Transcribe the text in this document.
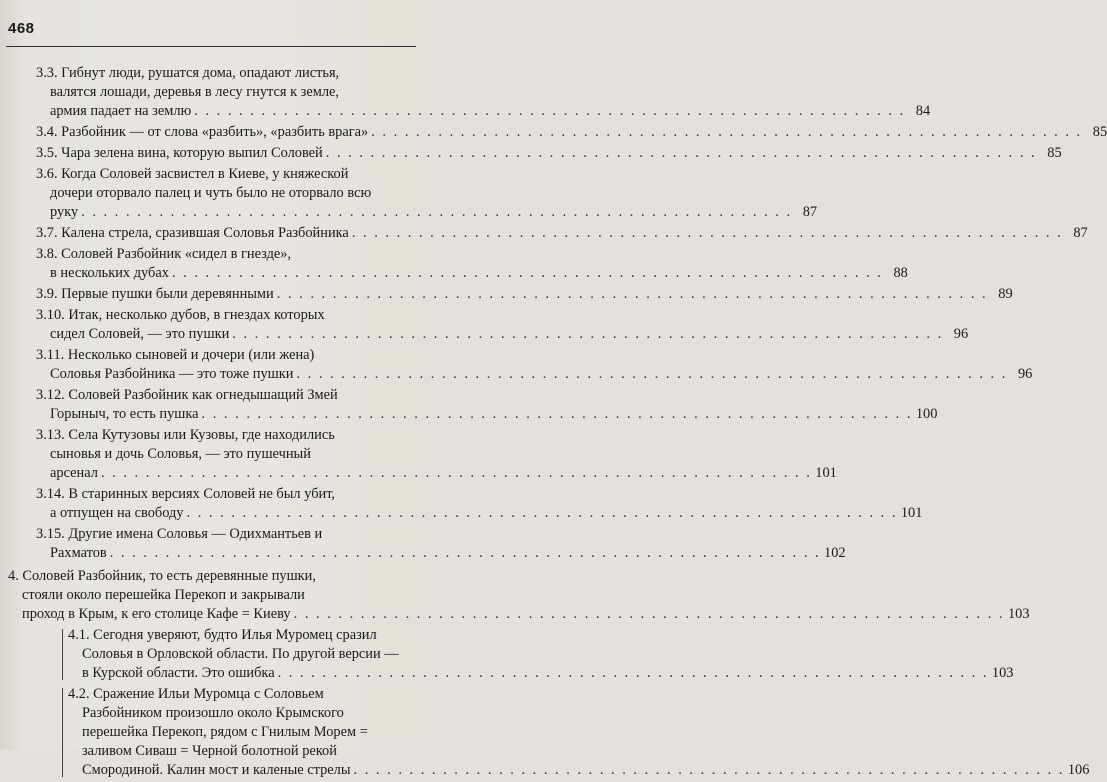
468
3.3. Гибнут люди, рушатся дома, опадают листья,
валятся лошади, деревья в лесу гнутся к земле,
армия падает на землю . . . . . . . . . . . . . . . . . . . . . . . . . . . . . . . . . . . . . . . . . . . . . . . . . . . . . . . . . . . . . . . . 84
3.4. Разбойник — от слова «разбить», «разбить врага» . . . . . . . . . . . . . . . . . . . . . . . . . . . . . . . . . . . . . . . . . . . . . . . . . . . . . . . . . . . . . . . . 85
3.5. Чара зелена вина, которую выпил Соловей . . . . . . . . . . . . . . . . . . . . . . . . . . . . . . . . . . . . . . . . . . . . . . . . . . . . . . . . . . . . . . . . 85
3.6. Когда Соловей засвистел в Киеве, у княжеской
дочери оторвало палец и чуть было не оторвало всю
руку . . . . . . . . . . . . . . . . . . . . . . . . . . . . . . . . . . . . . . . . . . . . . . . . . . . . . . . . . . . . . . . . 87
3.7. Калена стрела, сразившая Соловья Разбойника . . . . . . . . . . . . . . . . . . . . . . . . . . . . . . . . . . . . . . . . . . . . . . . . . . . . . . . . . . . . . . . . 87
3.8. Соловей Разбойник «сидел в гнезде»,
в нескольких дубах . . . . . . . . . . . . . . . . . . . . . . . . . . . . . . . . . . . . . . . . . . . . . . . . . . . . . . . . . . . . . . . . 88
3.9. Первые пушки были деревянными . . . . . . . . . . . . . . . . . . . . . . . . . . . . . . . . . . . . . . . . . . . . . . . . . . . . . . . . . . . . . . . . 89
3.10. Итак, несколько дубов, в гнездах которых
сидел Соловей, — это пушки . . . . . . . . . . . . . . . . . . . . . . . . . . . . . . . . . . . . . . . . . . . . . . . . . . . . . . . . . . . . . . . . 96
3.11. Несколько сыновей и дочери (или жена)
Соловья Разбойника — это тоже пушки . . . . . . . . . . . . . . . . . . . . . . . . . . . . . . . . . . . . . . . . . . . . . . . . . . . . . . . . . . . . . . . . 96
3.12. Соловей Разбойник как огнедышащий Змей
Горыныч, то есть пушка . . . . . . . . . . . . . . . . . . . . . . . . . . . . . . . . . . . . . . . . . . . . . . . . . . . . . . . . . . . . . . . . 100
3.13. Села Кутузовы или Кузовы, где находились
сыновья и дочь Соловья, — это пушечный
арсенал . . . . . . . . . . . . . . . . . . . . . . . . . . . . . . . . . . . . . . . . . . . . . . . . . . . . . . . . . . . . . . . . 101
3.14. В старинных версиях Соловей не был убит,
а отпущен на свободу . . . . . . . . . . . . . . . . . . . . . . . . . . . . . . . . . . . . . . . . . . . . . . . . . . . . . . . . . . . . . . . . 101
3.15. Другие имена Соловья — Одихмантьев и
Рахматов . . . . . . . . . . . . . . . . . . . . . . . . . . . . . . . . . . . . . . . . . . . . . . . . . . . . . . . . . . . . . . . . 102
4. Соловей Разбойник, то есть деревянные пушки,
стояли около перешейка Перекоп и закрывали
проход в Крым, к его столице Кафе = Киеву . . . . . . . . . . . . . . . . . . . . . . . . . . . . . . . . . . . . . . . . . . . . . . . . . . . . . . . . . . . . . . . . 103
4.1. Сегодня уверяют, будто Илья Муромец сразил
Соловья в Орловской области. По другой версии —
в Курской области. Это ошибка . . . . . . . . . . . . . . . . . . . . . . . . . . . . . . . . . . . . . . . . . . . . . . . . . . . . . . . . . . . . . . . . 103
4.2. Сражение Ильи Муромца с Соловьем
Разбойником произошло около Крымского
перешейка Перекоп, рядом с Гнилым Морем =
заливом Сиваш = Черной болотной рекой
Смородиной. Калин мост и каленые стрелы . . . . . . . . . . . . . . . . . . . . . . . . . . . . . . . . . . . . . . . . . . . . . . . . . . . . . . . . . . . . . . . . 106
